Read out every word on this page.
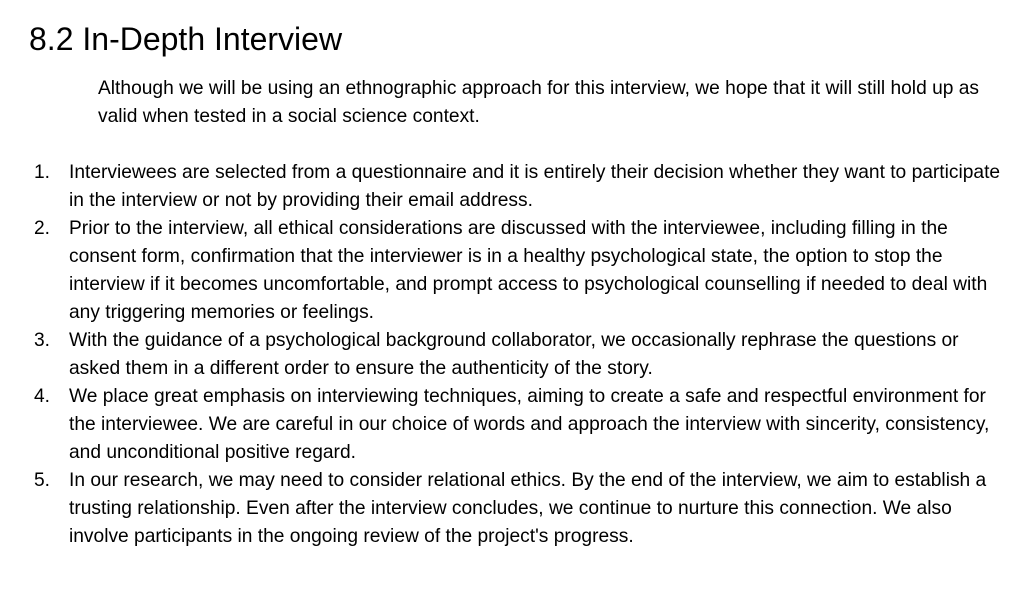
8.2 In-Depth Interview

Although we will be using an ethnographic approach for this interview, we hope that it will still hold up as valid when tested in a social science context.

1. Interviewees are selected from a questionnaire and it is entirely their decision whether they want to participate in the interview or not by providing their email address.
2. Prior to the interview, all ethical considerations are discussed with the interviewee, including filling in the consent form, confirmation that the interviewer is in a healthy psychological state, the option to stop the interview if it becomes uncomfortable, and prompt access to psychological counselling if needed to deal with any triggering memories or feelings.
3. With the guidance of a psychological background collaborator, we occasionally rephrase the questions or asked them in a different order to ensure the authenticity of the story.
4. We place great emphasis on interviewing techniques, aiming to create a safe and respectful environment for the interviewee. We are careful in our choice of words and approach the interview with sincerity, consistency, and unconditional positive regard.
5. In our research, we may need to consider relational ethics. By the end of the interview, we aim to establish a trusting relationship. Even after the interview concludes, we continue to nurture this connection. We also involve participants in the ongoing review of the project's progress.
